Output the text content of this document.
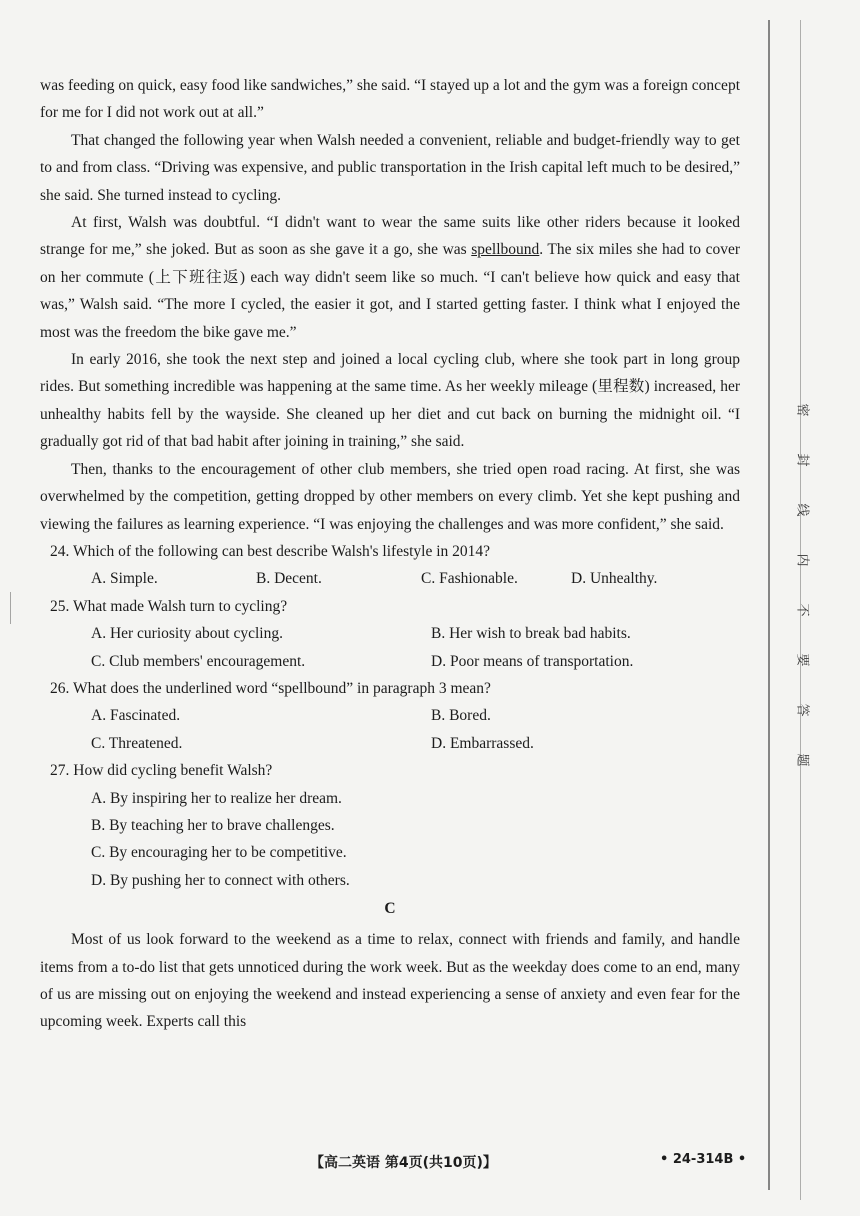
密
封
线
内
不
要
答
题

was feeding on quick, easy food like sandwiches,” she said. “I stayed up a lot and the gym was a foreign concept for me for I did not work out at all.”

That changed the following year when Walsh needed a convenient, reliable and budget-friendly way to get to and from class. “Driving was expensive, and public transportation in the Irish capital left much to be desired,” she said. She turned instead to cycling.

At first, Walsh was doubtful. “I didn't want to wear the same suits like other riders because it looked strange for me,” she joked. But as soon as she gave it a go, she was spellbound. The six miles she had to cover on her commute (上下班往返) each way didn't seem like so much. “I can't believe how quick and easy that was,” Walsh said. “The more I cycled, the easier it got, and I started getting faster. I think what I enjoyed the most was the freedom the bike gave me.”

In early 2016, she took the next step and joined a local cycling club, where she took part in long group rides. But something incredible was happening at the same time. As her weekly mileage (里程数) increased, her unhealthy habits fell by the wayside. She cleaned up her diet and cut back on burning the midnight oil. “I gradually got rid of that bad habit after joining in training,” she said.

Then, thanks to the encouragement of other club members, she tried open road racing. At first, she was overwhelmed by the competition, getting dropped by other members on every climb. Yet she kept pushing and viewing the failures as learning experience. “I was enjoying the challenges and was more confident,” she said.

24. Which of the following can best describe Walsh's lifestyle in 2014?

A. Simple.	B. Decent.	C. Fashionable.	D. Unhealthy.

25. What made Walsh turn to cycling?

A. Her curiosity about cycling.	B. Her wish to break bad habits.
C. Club members' encouragement.	D. Poor means of transportation.

26. What does the underlined word “spellbound” in paragraph 3 mean?

A. Fascinated.	B. Bored.
C. Threatened.	D. Embarrassed.

27. How did cycling benefit Walsh?

A. By inspiring her to realize her dream.
B. By teaching her to brave challenges.
C. By encouraging her to be competitive.
D. By pushing her to connect with others.
C

Most of us look forward to the weekend as a time to relax, connect with friends and family, and handle items from a to-do list that gets unnoticed during the work week. But as the weekday does come to an end, many of us are missing out on enjoying the weekend and instead experiencing a sense of anxiety and even fear for the upcoming week. Experts call this

【高二英语 第4页(共10页)】	• 24-314B •
